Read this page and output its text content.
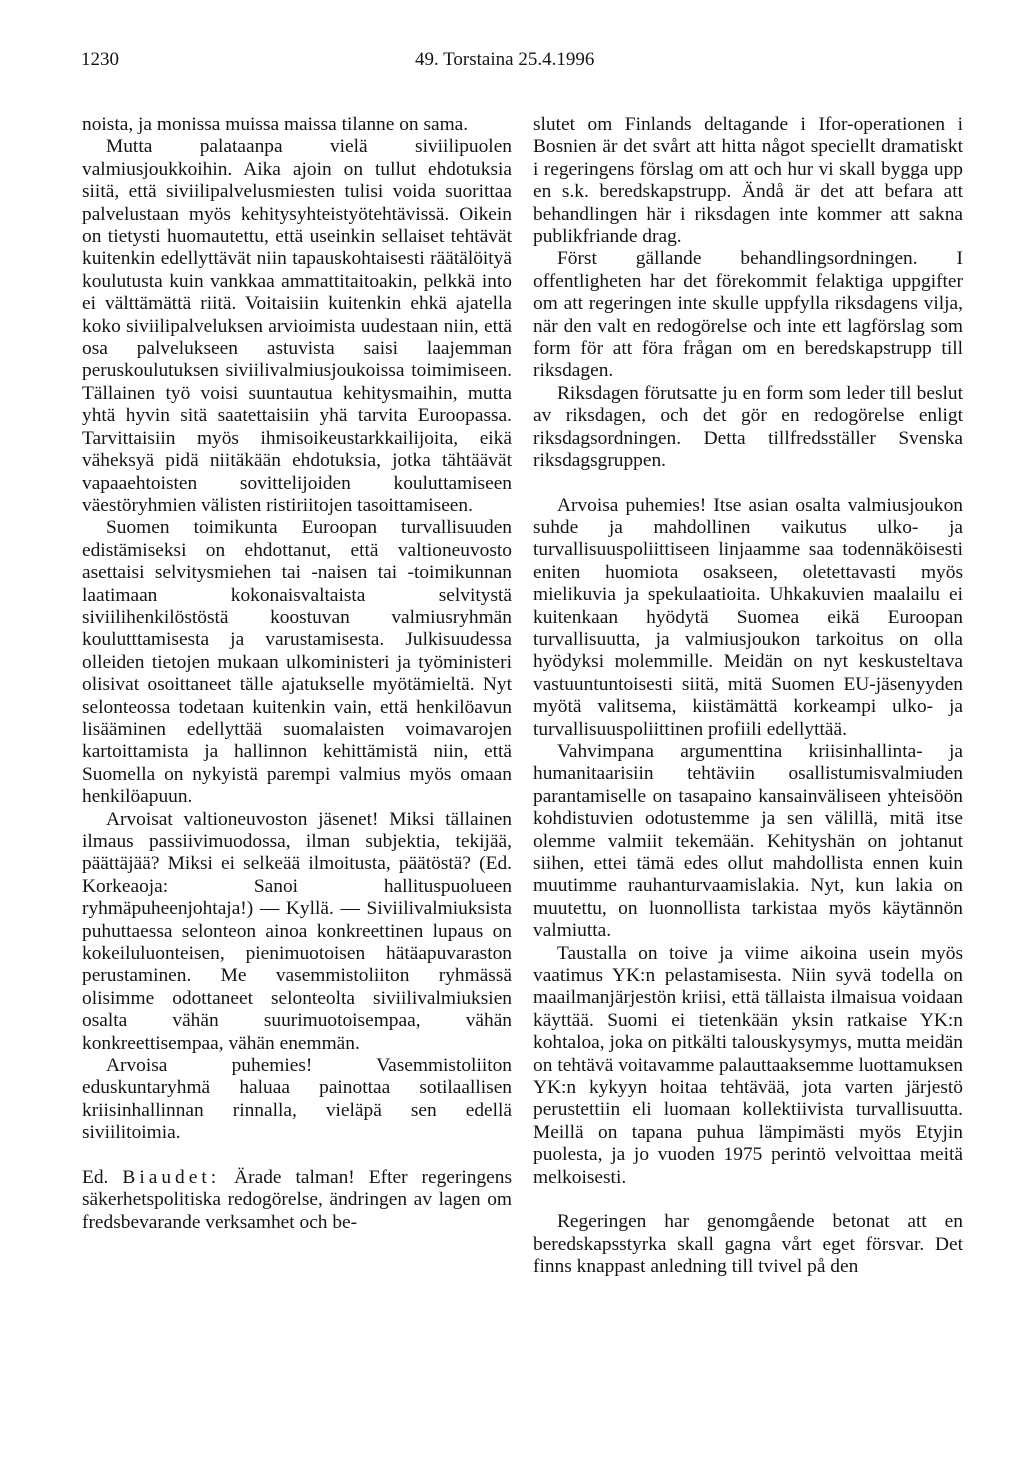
1230	49. Torstaina 25.4.1996

noista, ja monissa muissa maissa tilanne on sama.

Mutta palataanpa vielä siviilipuolen valmiusjoukkoihin. Aika ajoin on tullut ehdotuksia siitä, että siviilipalvelusmiesten tulisi voida suorittaa palvelustaan myös kehitysyhteistyötehtävissä. Oikein on tietysti huomautettu, että useinkin sellaiset tehtävät kuitenkin edellyttävät niin tapauskohtaisesti räätälöityä koulutusta kuin vankkaa ammattitaitoakin, pelkkä into ei välttämättä riitä. Voitaisiin kuitenkin ehkä ajatella koko siviilipalveluksen arvioimista uudestaan niin, että osa palvelukseen astuvista saisi laajemman peruskoulutuksen siviilivalmiusjoukoissa toimimiseen. Tällainen työ voisi suuntautua kehitysmaihin, mutta yhtä hyvin sitä saatettaisiin yhä tarvita Euroopassa. Tarvittaisiin myös ihmisoikeustarkkailijoita, eikä väheksyä pidä niitäkään ehdotuksia, jotka tähtäävät vapaaehtoisten sovittelijoiden kouluttamiseen väestöryhmien välisten ristiriitojen tasoittamiseen.

Suomen toimikunta Euroopan turvallisuuden edistämiseksi on ehdottanut, että valtioneuvosto asettaisi selvitysmiehen tai -naisen tai -toimikunnan laatimaan kokonaisvaltaista selvitystä siviilihenkilöstöstä koostuvan valmiusryhmän koulutttamisesta ja varustamisesta. Julkisuudessa olleiden tietojen mukaan ulkoministeri ja työministeri olisivat osoittaneet tälle ajatukselle myötämieltä. Nyt selonteossa todetaan kuitenkin vain, että henkilöavun lisääminen edellyttää suomalaisten voimavarojen kartoittamista ja hallinnon kehittämistä niin, että Suomella on nykyistä parempi valmius myös omaan henkilöapuun.

Arvoisat valtioneuvoston jäsenet! Miksi tällainen ilmaus passiivimuodossa, ilman subjektia, tekijää, päättäjää? Miksi ei selkeää ilmoitusta, päätöstä? (Ed. Korkeaoja: Sanoi hallituspuolueen ryhmäpuheenjohtaja!) — Kyllä. — Siviilivalmiuksista puhuttaessa selonteon ainoa konkreettinen lupaus on kokeiluluonteisen, pienimuotoisen hätäapuvaraston perustaminen. Me vasemmistoliiton ryhmässä olisimme odottaneet selonteolta siviilivalmiuksien osalta vähän suurimuotoisempaa, vähän konkreettisempaa, vähän enemmän.

Arvoisa puhemies! Vasemmistoliiton eduskuntaryhmä haluaa painottaa sotilaallisen kriisinhallinnan rinnalla, vieläpä sen edellä siviilitoimia.

Ed. Biaudet: Ärade talman! Efter regeringens säkerhetspolitiska redogörelse, ändringen av lagen om fredsbevarande verksamhet och be-

slutet om Finlands deltagande i Ifor-operationen i Bosnien är det svårt att hitta något speciellt dramatiskt i regeringens förslag om att och hur vi skall bygga upp en s.k. beredskapstrupp. Ändå är det att befara att behandlingen här i riksdagen inte kommer att sakna publikfriande drag.

Först gällande behandlingsordningen. I offentligheten har det förekommit felaktiga uppgifter om att regeringen inte skulle uppfylla riksdagens vilja, när den valt en redogörelse och inte ett lagförslag som form för att föra frågan om en beredskapstrupp till riksdagen.

Riksdagen förutsatte ju en form som leder till beslut av riksdagen, och det gör en redogörelse enligt riksdagsordningen. Detta tillfredsställer Svenska riksdagsgruppen.

Arvoisa puhemies! Itse asian osalta valmiusjoukon suhde ja mahdollinen vaikutus ulko- ja turvallisuuspoliittiseen linjaamme saa todennäköisesti eniten huomiota osakseen, oletettavasti myös mielikuvia ja spekulaatioita. Uhkakuvien maalailu ei kuitenkaan hyödytä Suomea eikä Euroopan turvallisuutta, ja valmiusjoukon tarkoitus on olla hyödyksi molemmille. Meidän on nyt keskusteltava vastuuntuntoisesti siitä, mitä Suomen EU-jäsenyyden myötä valitsema, kiistämättä korkeampi ulko- ja turvallisuuspoliittinen profiili edellyttää.

Vahvimpana argumenttina kriisinhallinta- ja humanitaarisiin tehtäviin osallistumisvalmiuden parantamiselle on tasapaino kansainväliseen yhteisöön kohdistuvien odotustemme ja sen välillä, mitä itse olemme valmiit tekemään. Kehityshän on johtanut siihen, ettei tämä edes ollut mahdollista ennen kuin muutimme rauhanturvaamislakia. Nyt, kun lakia on muutettu, on luonnollista tarkistaa myös käytännön valmiutta.

Taustalla on toive ja viime aikoina usein myös vaatimus YK:n pelastamisesta. Niin syvä todella on maailmanjärjestön kriisi, että tällaista ilmaisua voidaan käyttää. Suomi ei tietenkään yksin ratkaise YK:n kohtaloa, joka on pitkälti talouskysymys, mutta meidän on tehtävä voitavamme palauttaaksemme luottamuksen YK:n kykyyn hoitaa tehtävää, jota varten järjestö perustettiin eli luomaan kollektiivista turvallisuutta. Meillä on tapana puhua lämpimästi myös Etyjin puolesta, ja jo vuoden 1975 perintö velvoittaa meitä melkoisesti.

Regeringen har genomgående betonat att en beredskapsstyrka skall gagna vårt eget försvar. Det finns knappast anledning till tvivel på den
